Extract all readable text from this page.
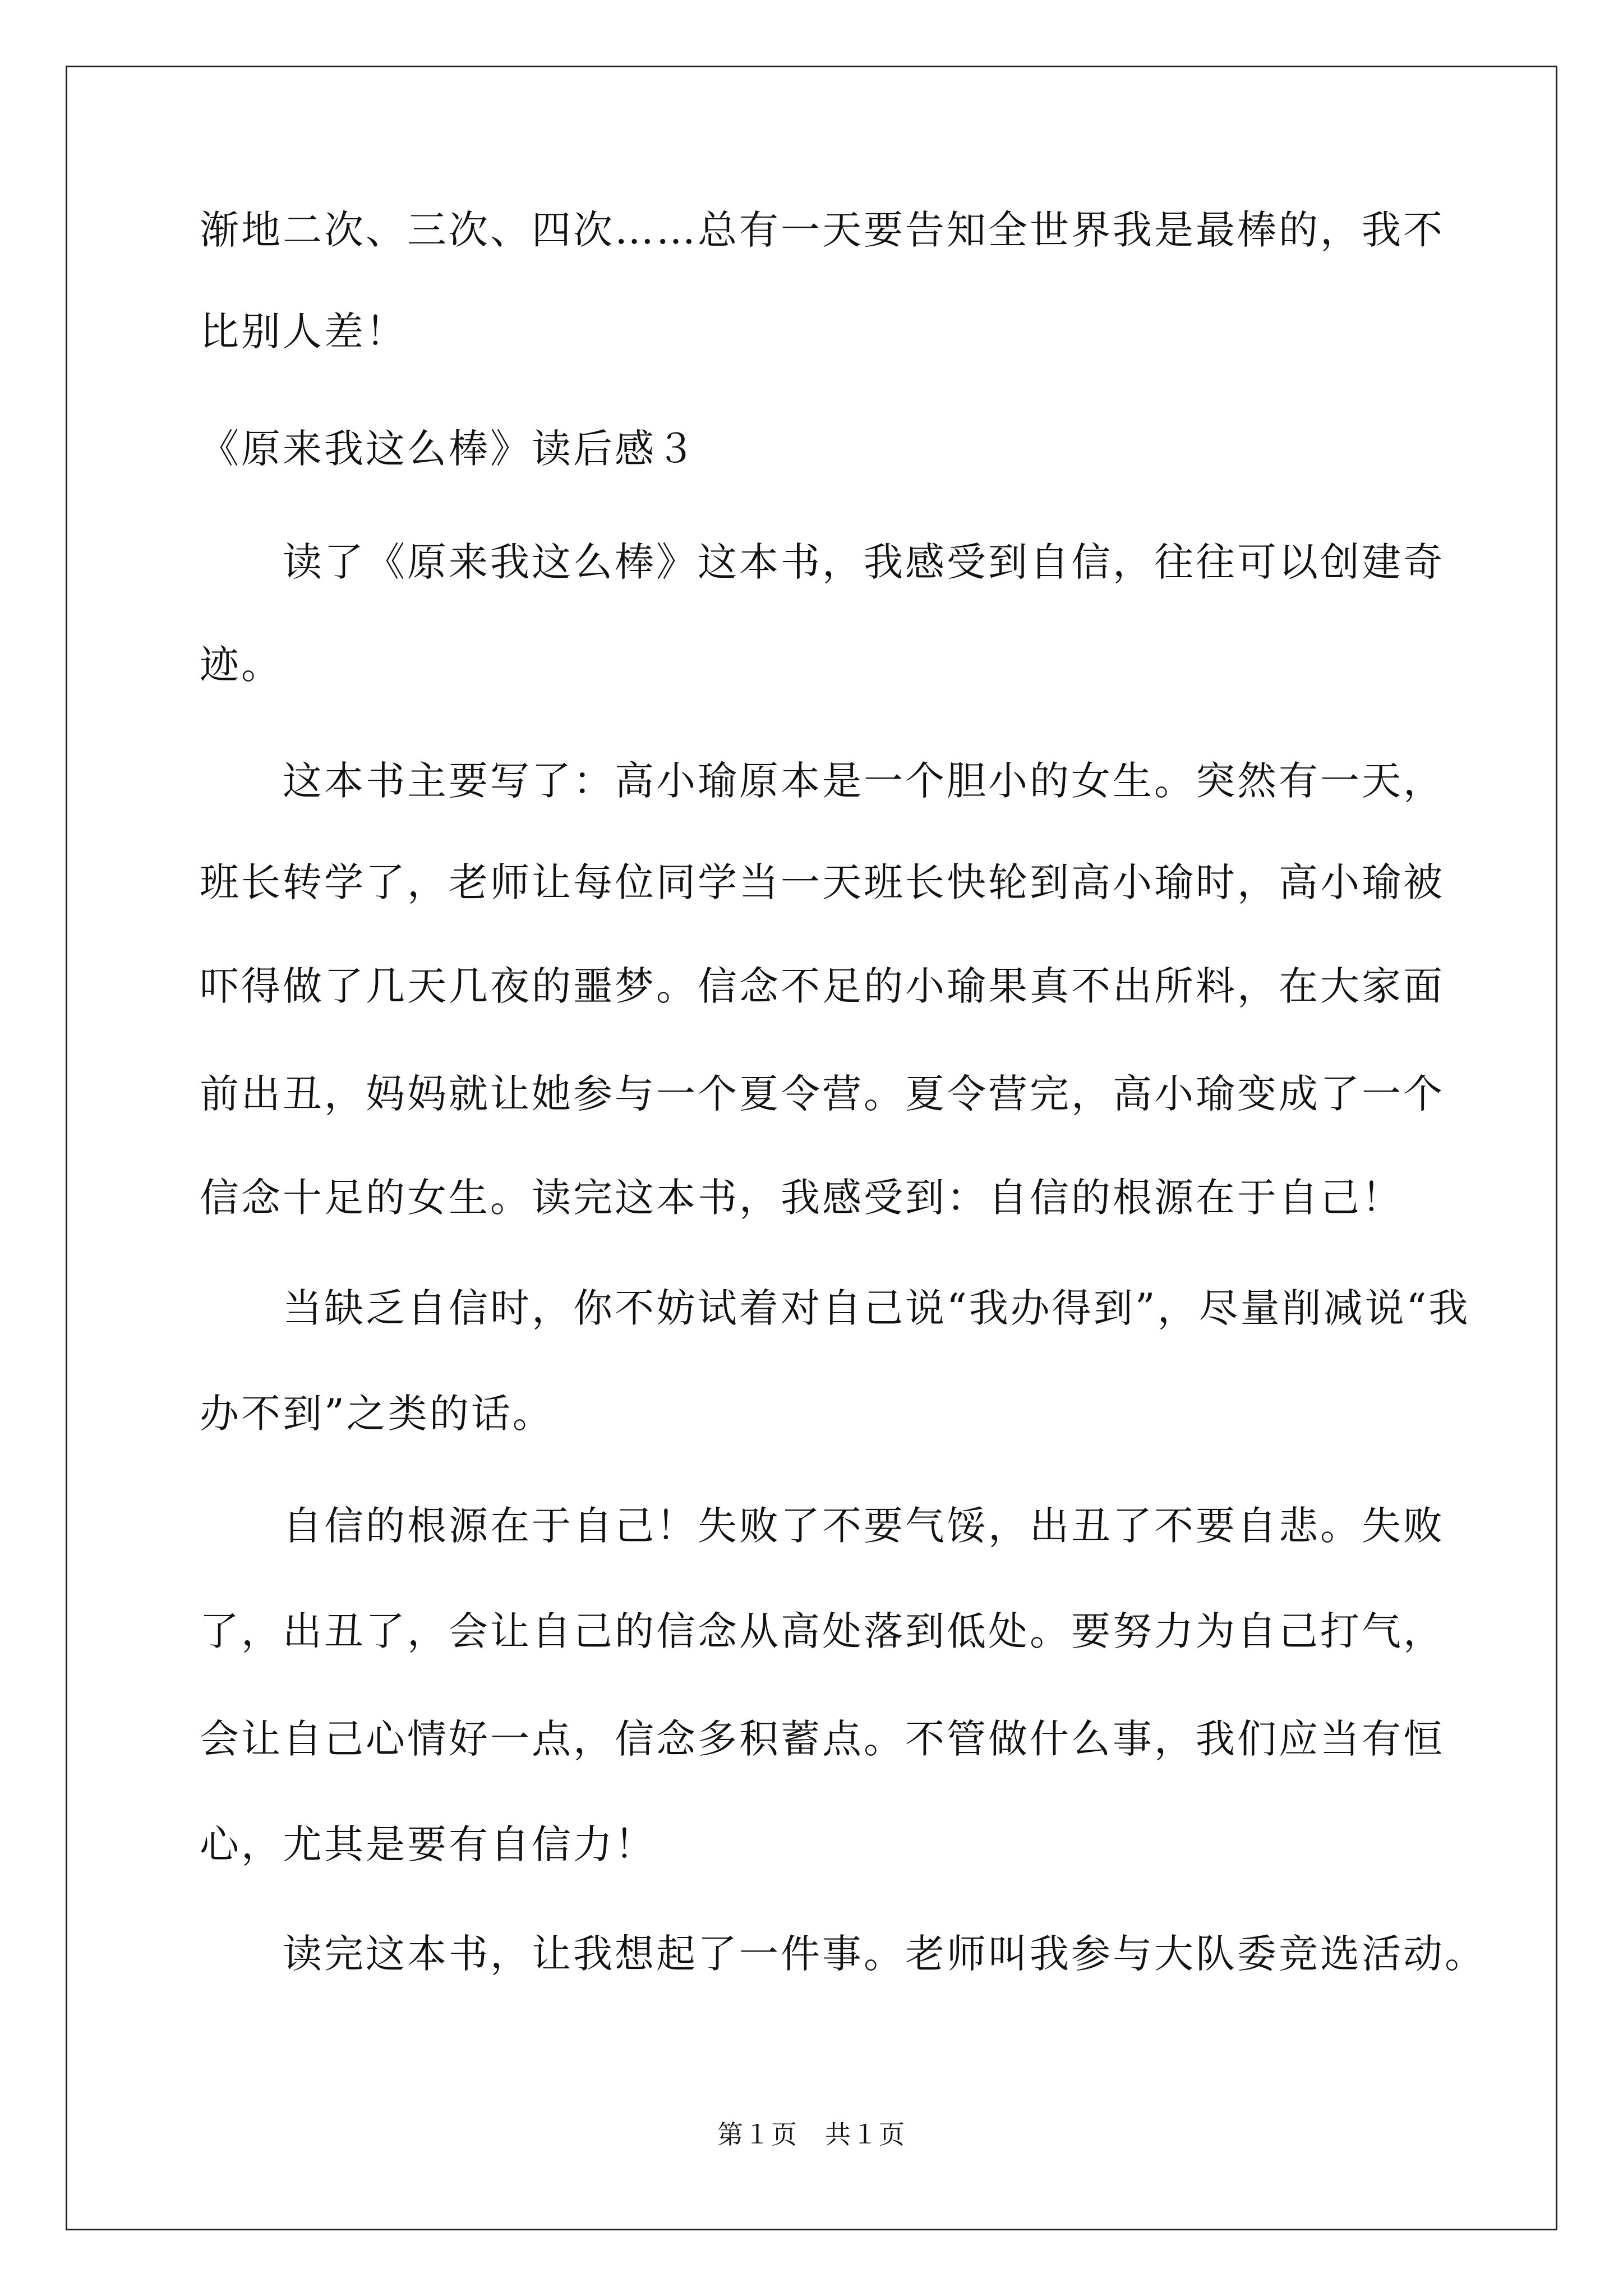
渐地二次、三次、四次……总有一天要告知全世界我是最棒的，我不
比别人差！
《原来我这么棒》读后感３
读了《原来我这么棒》这本书，我感受到自信，往往可以创建奇
迹。
这本书主要写了：高小瑜原本是一个胆小的女生。突然有一天，
班长转学了，老师让每位同学当一天班长快轮到高小瑜时，高小瑜被
吓得做了几天几夜的噩梦。信念不足的小瑜果真不出所料，在大家面
前出丑，妈妈就让她参与一个夏令营。夏令营完，高小瑜变成了一个
信念十足的女生。读完这本书，我感受到：自信的根源在于自己！
当缺乏自信时，你不妨试着对自己说“我办得到”，尽量削减说“我
办不到”之类的话。
自信的根源在于自己！失败了不要气馁，出丑了不要自悲。失败
了，出丑了，会让自己的信念从高处落到低处。要努力为自己打气，
会让自己心情好一点，信念多积蓄点。不管做什么事，我们应当有恒
心，尤其是要有自信力！
读完这本书，让我想起了一件事。老师叫我参与大队委竞选活动。
第１页　共１页
